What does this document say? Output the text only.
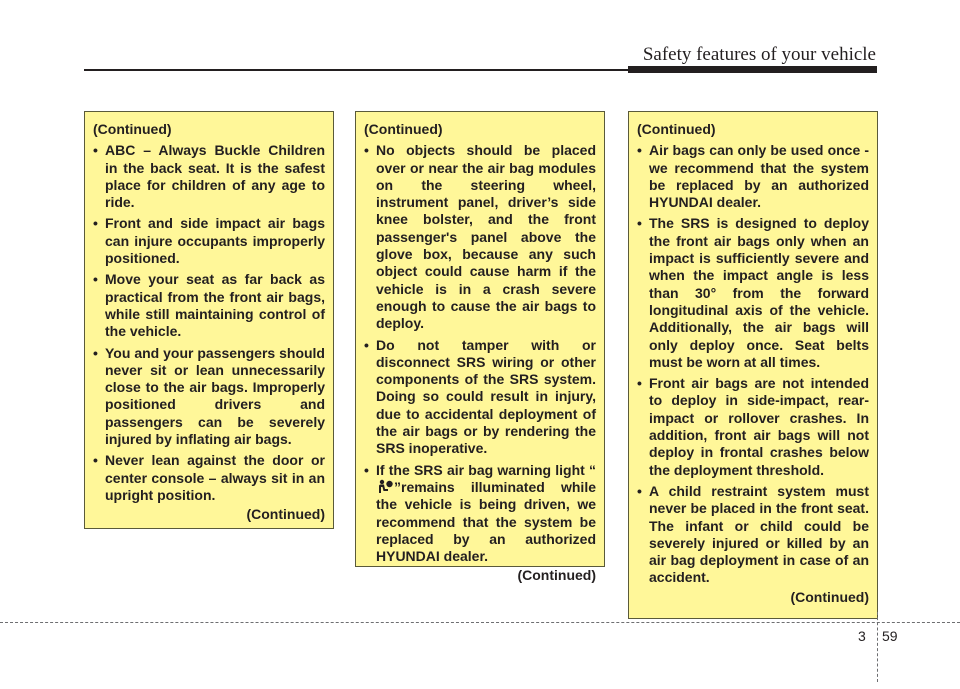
Safety features of your vehicle
(Continued)
• ABC – Always Buckle Children in the back seat. It is the safest place for children of any age to ride.
• Front and side impact air bags can injure occupants improperly positioned.
• Move your seat as far back as practical from the front air bags, while still maintaining control of the vehicle.
• You and your passengers should never sit or lean unnecessarily close to the air bags. Improperly positioned drivers and passengers can be severely injured by inflating air bags.
• Never lean against the door or center console – always sit in an upright position.
(Continued)
(Continued)
• No objects should be placed over or near the air bag modules on the steering wheel, instrument panel, driver’s side knee bolster, and the front passenger's panel above the glove box, because any such object could cause harm if the vehicle is in a crash severe enough to cause the air bags to deploy.
• Do not tamper with or disconnect SRS wiring or other components of the SRS system. Doing so could result in injury, due to accidental deployment of the air bags or by rendering the SRS inoperative.
• If the SRS air bag warning light “”remains illuminated while the vehicle is being driven, we recommend that the system be replaced by an authorized HYUNDAI dealer.
(Continued)
(Continued)
• Air bags can only be used once - we recommend that the system be replaced by an authorized HYUNDAI dealer.
• The SRS is designed to deploy the front air bags only when an impact is sufficiently severe and when the impact angle is less than 30° from the forward longitudinal axis of the vehicle. Additionally, the air bags will only deploy once. Seat belts must be worn at all times.
• Front air bags are not intended to deploy in side-impact, rear-impact or rollover crashes. In addition, front air bags will not deploy in frontal crashes below the deployment threshold.
• A child restraint system must never be placed in the front seat. The infant or child could be severely injured or killed by an air bag deployment in case of an accident.
(Continued)
3 59
